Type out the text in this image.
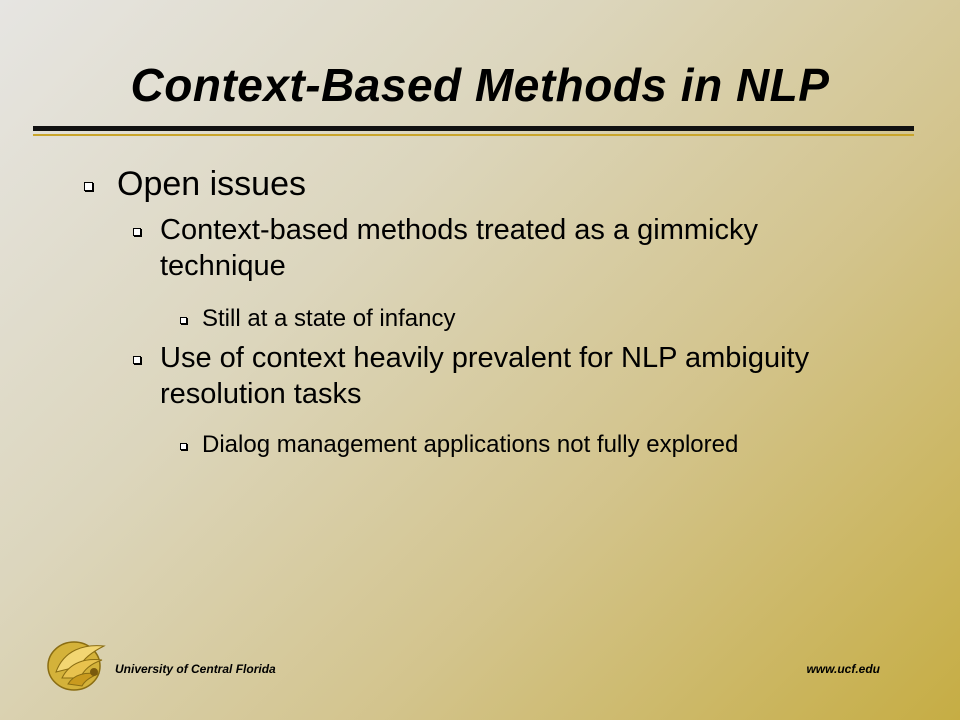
Context-Based Methods in NLP
Open issues
Context-based methods treated as a gimmicky technique
Still at a state of infancy
Use of context heavily prevalent for NLP ambiguity resolution tasks
Dialog management applications not fully explored
University of Central Florida	www.ucf.edu
